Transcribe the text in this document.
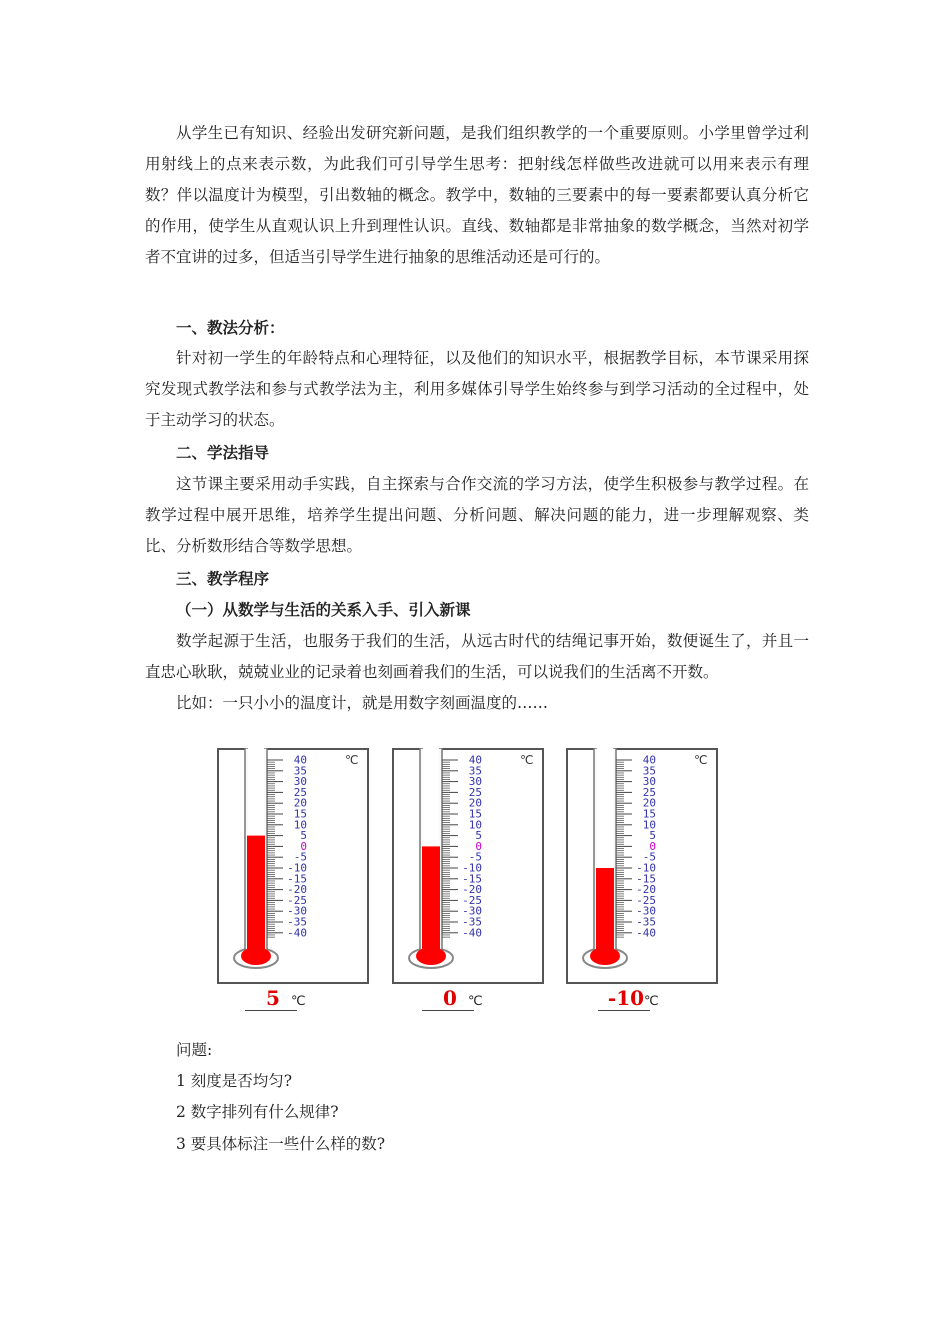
从学生已有知识、经验出发研究新问题，是我们组织教学的一个重要原则。小学里曾学过利用射线上的点来表示数，为此我们可引导学生思考：把射线怎样做些改进就可以用来表示有理数？伴以温度计为模型，引出数轴的概念。教学中，数轴的三要素中的每一要素都要认真分析它的作用，使学生从直观认识上升到理性认识。直线、数轴都是非常抽象的数学概念，当然对初学者不宜讲的过多，但适当引导学生进行抽象的思维活动还是可行的。

一、教法分析：

针对初一学生的年龄特点和心理特征，以及他们的知识水平，根据教学目标，本节课采用探究发现式教学法和参与式教学法为主，利用多媒体引导学生始终参与到学习活动的全过程中，处于主动学习的状态。

二、学法指导

这节课主要采用动手实践，自主探索与合作交流的学习方法，使学生积极参与教学过程。在教学过程中展开思维，培养学生提出问题、分析问题、解决问题的能力，进一步理解观察、类比、分析数形结合等数学思想。

三、教学程序

（一）从数学与生活的关系入手、引入新课

数学起源于生活，也服务于我们的生活，从远古时代的结绳记事开始，数便诞生了，并且一直忠心耿耿，兢兢业业的记录着也刻画着我们的生活，可以说我们的生活离不开数。

比如：一只小小的温度计，就是用数字刻画温度的……

40
35
30
25
20
15
10
5
0
-5
-10
-15
-20
-25
-30
-35
-40
℃	40
35
30
25
20
15
10
5
0
-5
-10
-15
-20
-25
-30
-35
-40
℃	40
35
30
25
20
15
10
5
0
-5
-10
-15
-20
-25
-30
-35
-40
℃
5 ℃	0 ℃	-10 ℃

问题:

1 刻度是否均匀?

2 数字排列有什么规律?

3 要具体标注一些什么样的数?
